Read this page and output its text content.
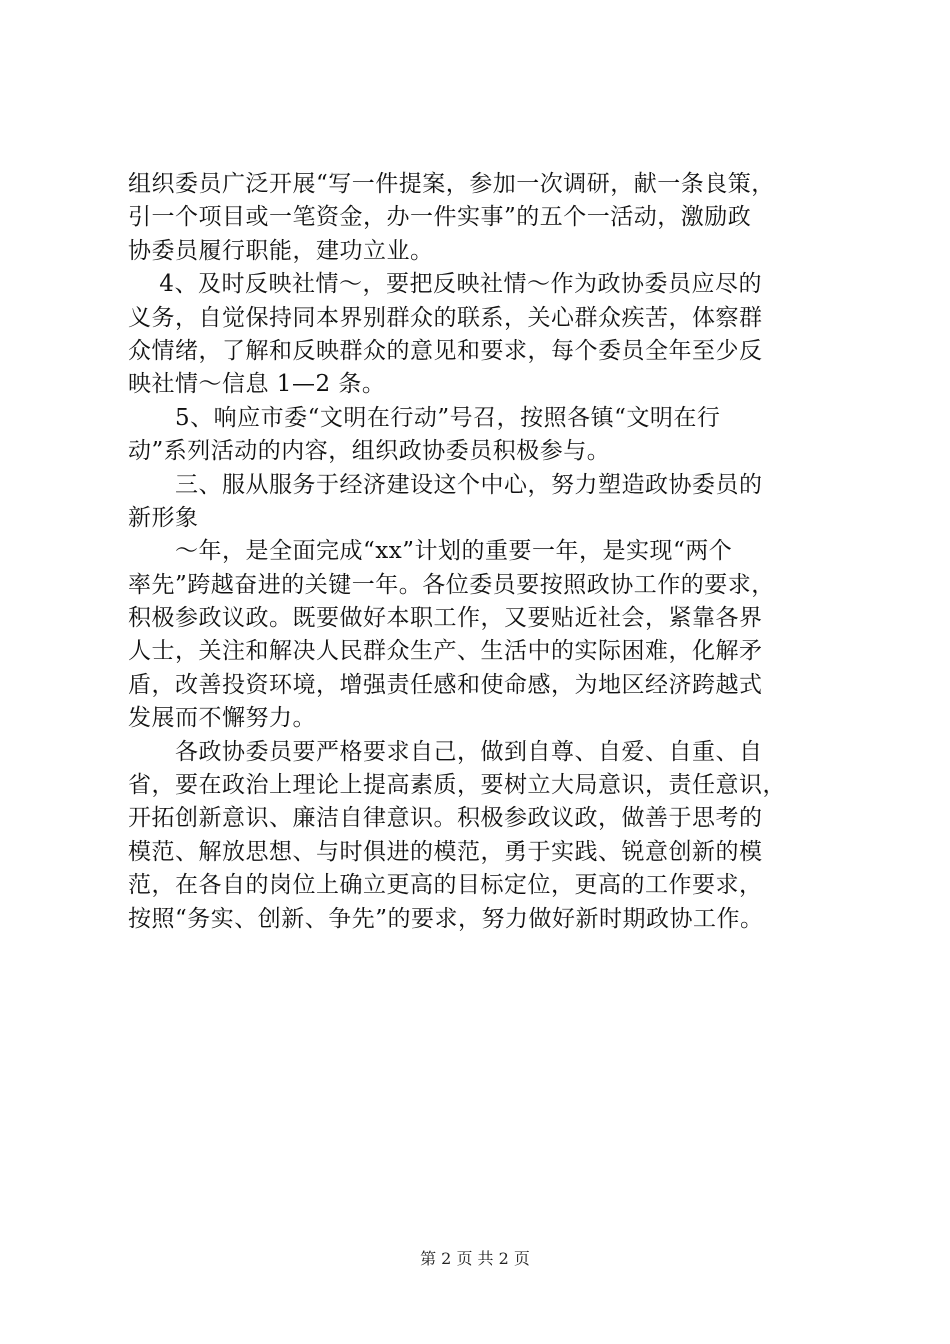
组织委员广泛开展“写一件提案，参加一次调研，献一条良策，
引一个项目或一笔资金，办一件实事”的五个一活动，激励政
协委员履行职能，建功立业。
　 4、及时反映社情～，要把反映社情～作为政协委员应尽的
义务，自觉保持同本界别群众的联系，关心群众疾苦，体察群
众情绪，了解和反映群众的意见和要求，每个委员全年至少反
映社情～信息 1—2 条。
　　5、响应市委“文明在行动”号召，按照各镇“文明在行
动”系列活动的内容，组织政协委员积极参与。
　　三、服从服务于经济建设这个中心，努力塑造政协委员的
新形象
　　～年，是全面完成“xx”计划的重要一年，是实现“两个
率先”跨越奋进的关键一年。各位委员要按照政协工作的要求，
积极参政议政。既要做好本职工作，又要贴近社会，紧靠各界
人士，关注和解决人民群众生产、生活中的实际困难，化解矛
盾，改善投资环境，增强责任感和使命感，为地区经济跨越式
发展而不懈努力。
　　各政协委员要严格要求自己，做到自尊、自爱、自重、自
省，要在政治上理论上提高素质，要树立大局意识，责任意识，
开拓创新意识、廉洁自律意识。积极参政议政，做善于思考的
模范、解放思想、与时俱进的模范，勇于实践、锐意创新的模
范，在各自的岗位上确立更高的目标定位，更高的工作要求，
按照“务实、创新、争先”的要求，努力做好新时期政协工作。
第 2 页 共 2 页
